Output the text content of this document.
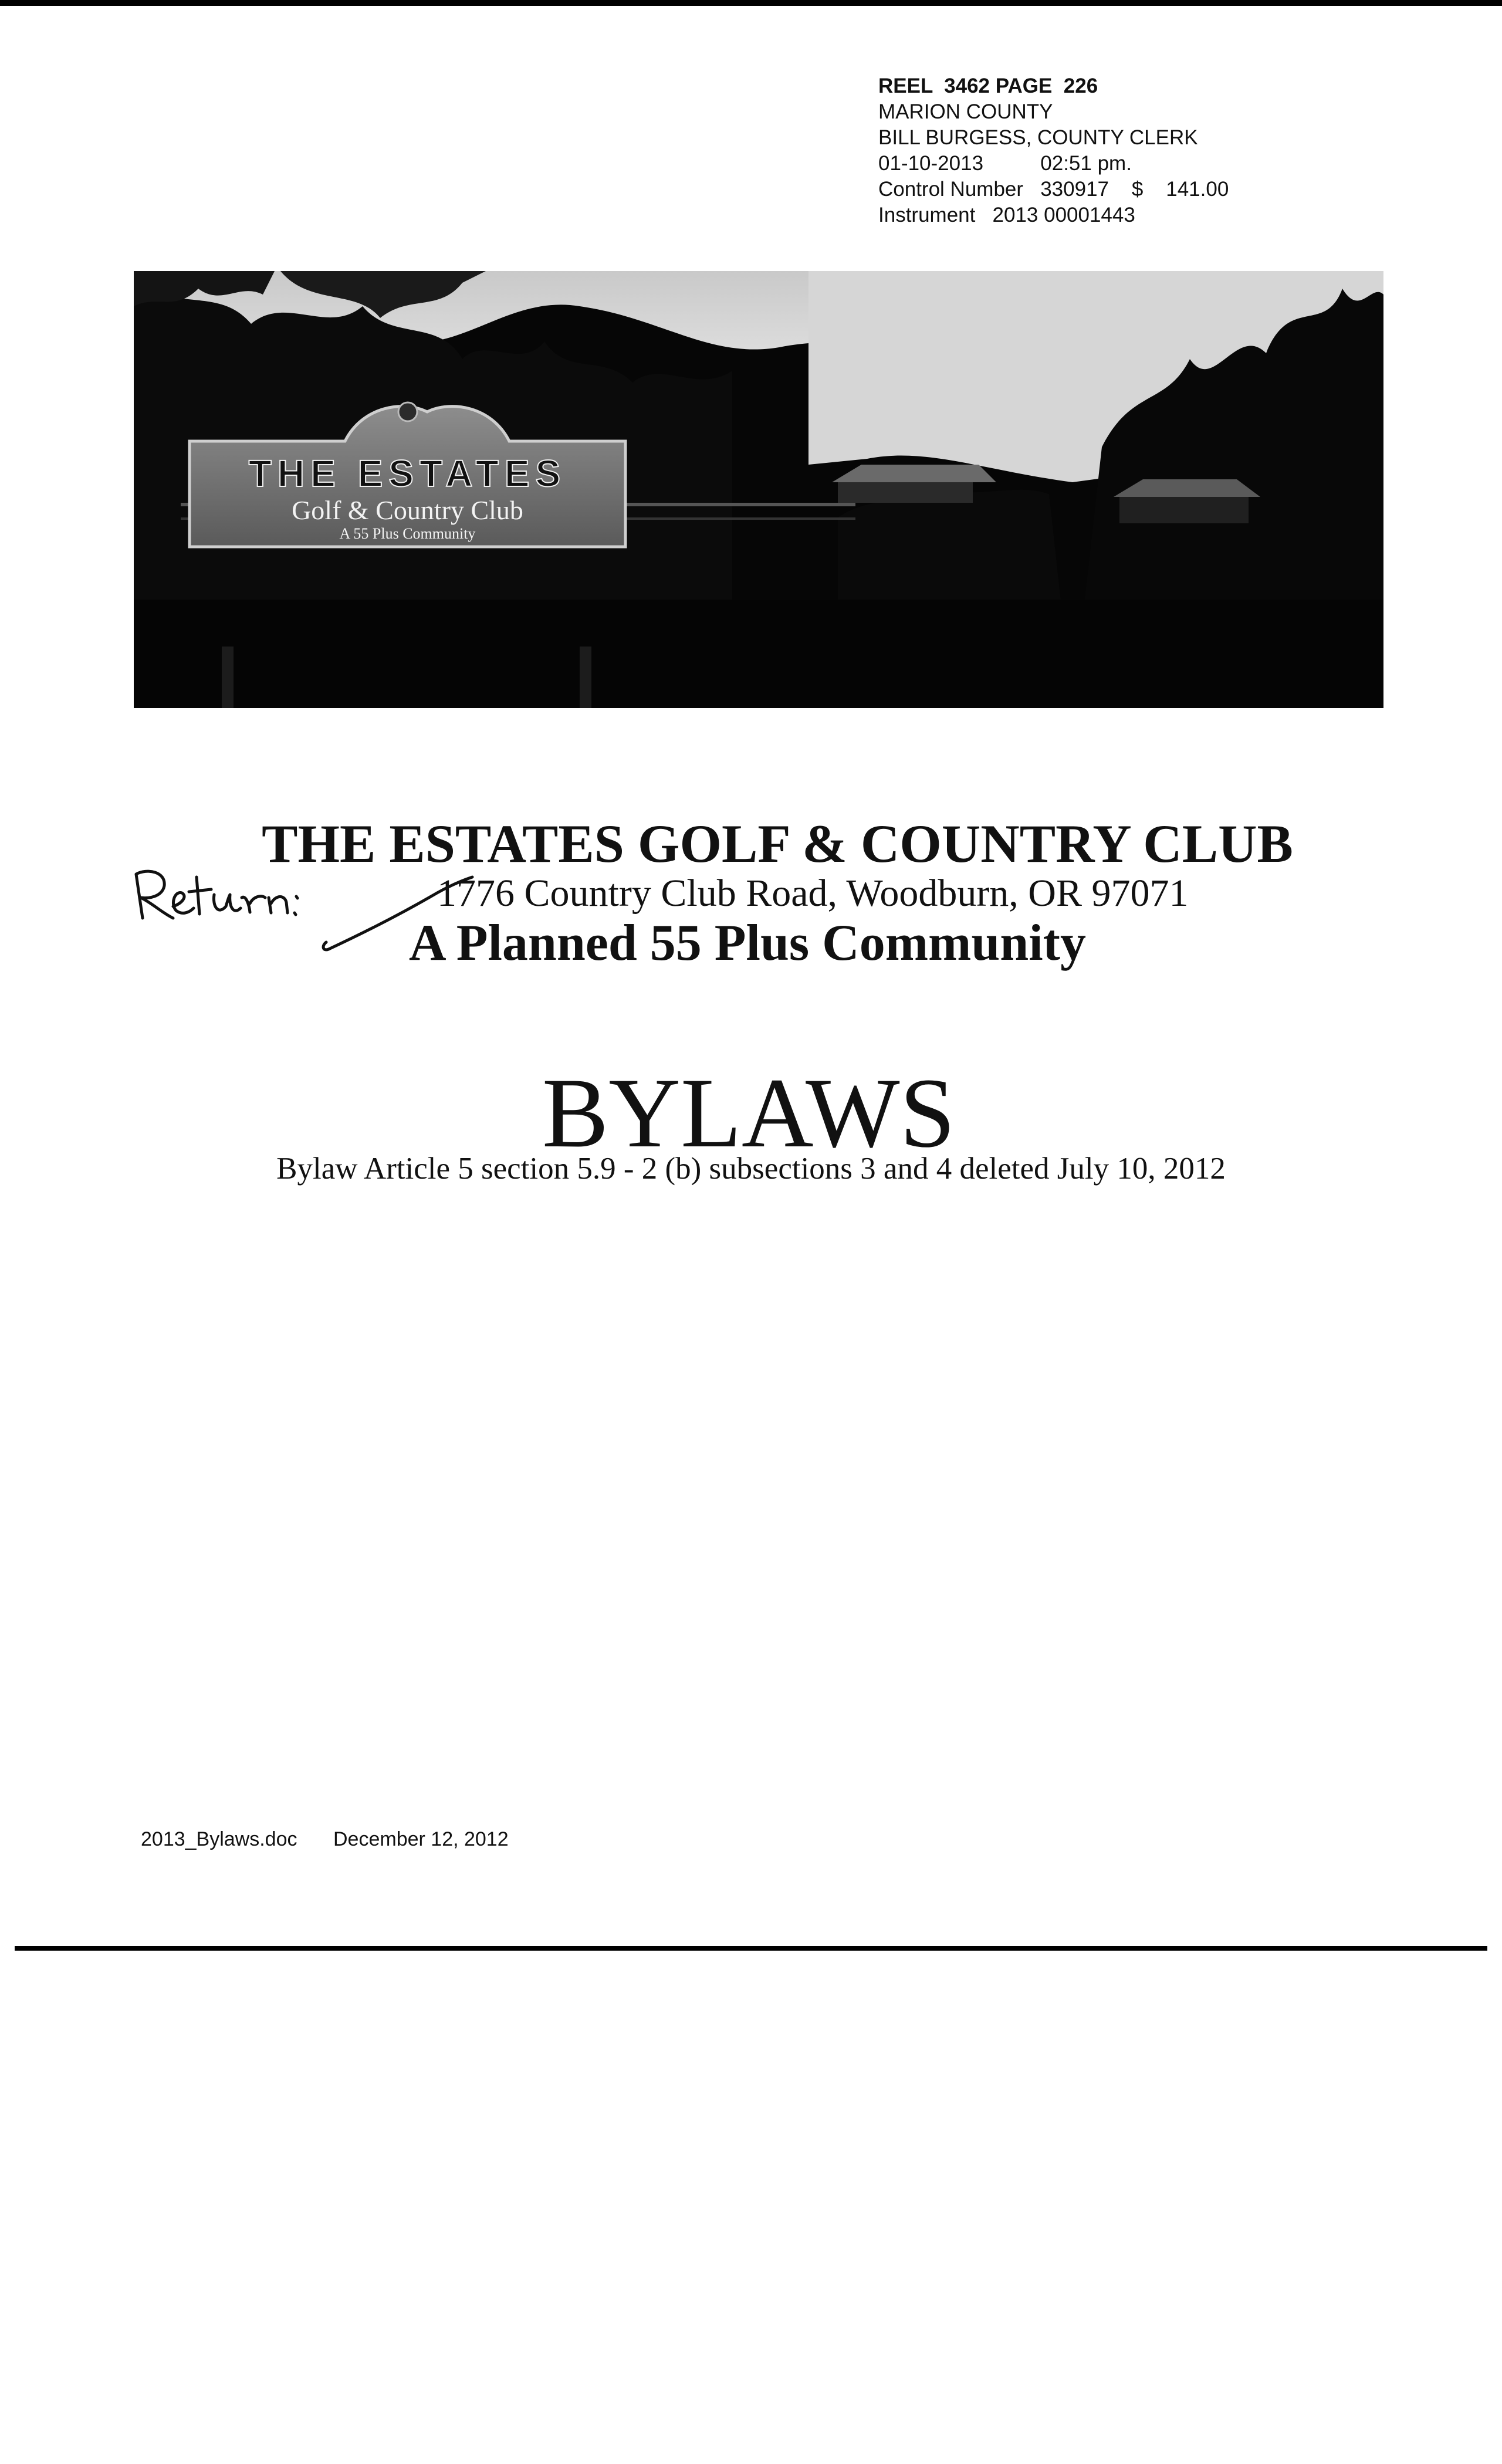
REEL  3462 PAGE  226
MARION COUNTY
BILL BURGESS, COUNTY CLERK
01-10-2013          02:51 pm.
Control Number   330917    $    141.00
Instrument   2013 00001443
THE ESTATES
Golf & Country Club
A 55 Plus Community
THE ESTATES GOLF & COUNTRY CLUB
1776 Country Club Road, Woodburn, OR 97071
A Planned 55 Plus Community
BYLAWS
Bylaw Article 5 section 5.9 - 2 (b) subsections 3 and 4 deleted July 10, 2012
2013_Bylaws.doc December 12, 2012
